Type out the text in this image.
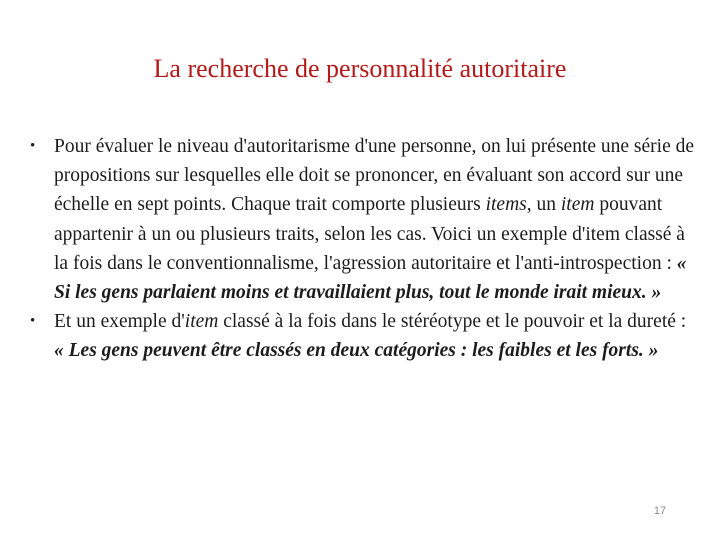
La recherche de personnalité autoritaire
• Pour évaluer le niveau d'autoritarisme d'une personne, on lui présente une série de propositions sur lesquelles elle doit se prononcer, en évaluant son accord sur une échelle en sept points. Chaque trait comporte plusieurs items, un item pouvant appartenir à un ou plusieurs traits, selon les cas. Voici un exemple d'item classé à la fois dans le conventionnalisme, l'agression autoritaire et l'anti-introspection : « Si les gens parlaient moins et travaillaient plus, tout le monde irait mieux. »
• Et un exemple d'item classé à la fois dans le stéréotype et le pouvoir et la dureté : « Les gens peuvent être classés en deux catégories : les faibles et les forts. »
17
